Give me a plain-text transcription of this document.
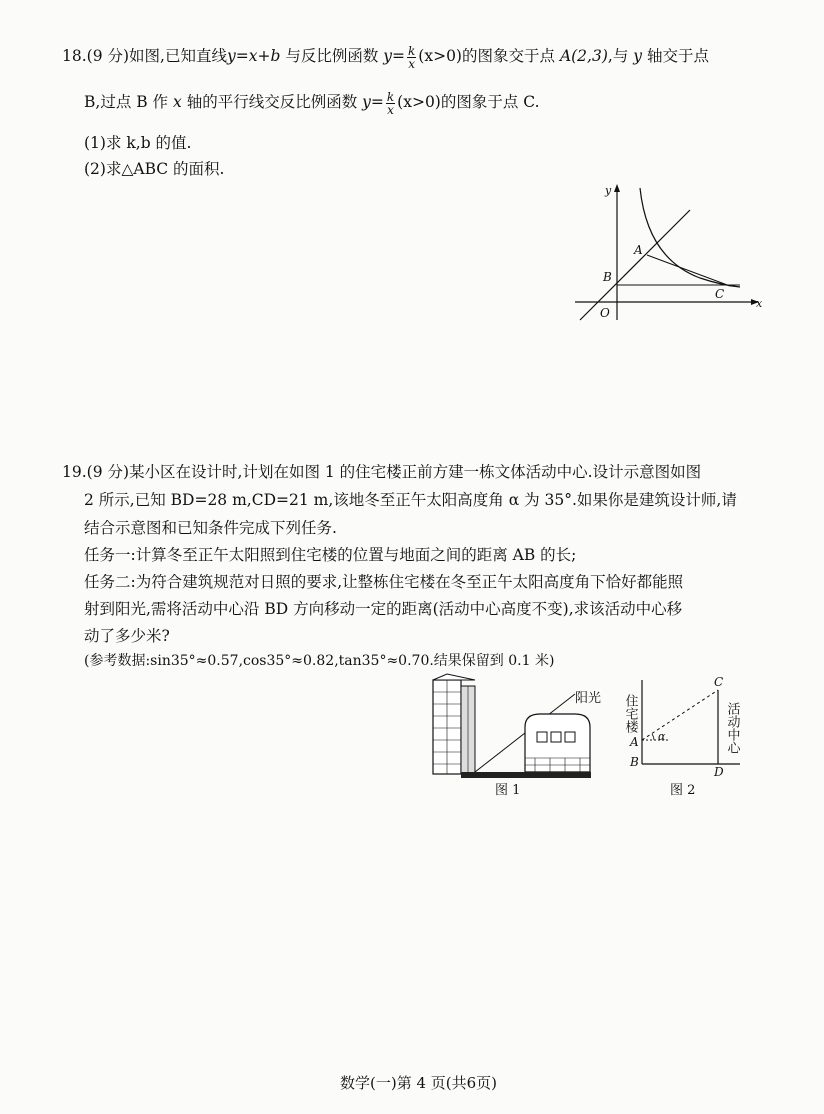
18.(9 分)如图,已知直线y=x+b 与反比例函数 $y= \frac{k}{x} (x>0)$的图象交于点 A(2,3),与 y 轴交于点
B,过点 B 作 x 轴的平行线交反比例函数 $y= \frac{k}{x} (x>0)$的图象于点 C.
(1)求 k,b 的值.
(2)求△ABC 的面积.
y
A
B
C
O
x
19.(9 分)某小区在设计时,计划在如图 1 的住宅楼正前方建一栋文体活动中心.设计示意图如图
2 所示,已知 BD=28 m,CD=21 m,该地冬至正午太阳高度角 α 为 35°.如果你是建筑设计师,请
结合示意图和已知条件完成下列任务.
任务一:计算冬至正午太阳照到住宅楼的位置与地面之间的距离 AB 的长;
任务二:为符合建筑规范对日照的要求,让整栋住宅楼在冬至正午太阳高度角下恰好都能照
射到阳光,需将活动中心沿 BD 方向移动一定的距离(活动中心高度不变),求该活动中心移
动了多少米?
(参考数据:sin35°≈0.57,cos35°≈0.82,tan35°≈0.70.结果保留到 0.1 米)
阳光
图 1
α
住宅楼	活动中心
C
A
B
D
图 2
数学(一)第 4 页(共6页)
